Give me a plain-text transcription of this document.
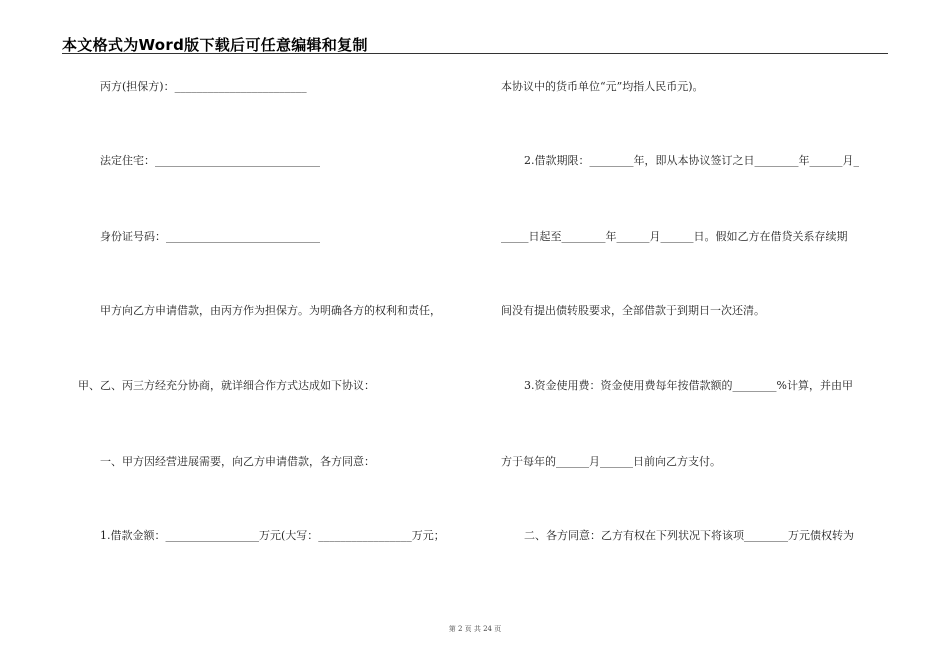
本文格式为Word版下载后可任意编辑和复制
丙方(担保方)：________________________
法定住宅：______________________________
身份证号码：____________________________
甲方向乙方申请借款，由丙方作为担保方。为明确各方的权利和责任，
甲、乙、丙三方经充分协商，就详细合作方式达成如下协议：
一、甲方因经营进展需要，向乙方申请借款，各方同意：
1.借款金额：_________________万元(大写：_________________万元；
本协议中的货币单位“元”均指人民币元)。
2.借款期限：________年，即从本协议签订之日________年______月_
_____日起至________年______月______日。假如乙方在借贷关系存续期
间没有提出债转股要求，全部借款于到期日一次还清。
3.资金使用费：资金使用费每年按借款额的________%计算，并由甲
方于每年的______月______日前向乙方支付。
二、各方同意：乙方有权在下列状况下将该项________万元债权转为
第 2 页 共 24 页
